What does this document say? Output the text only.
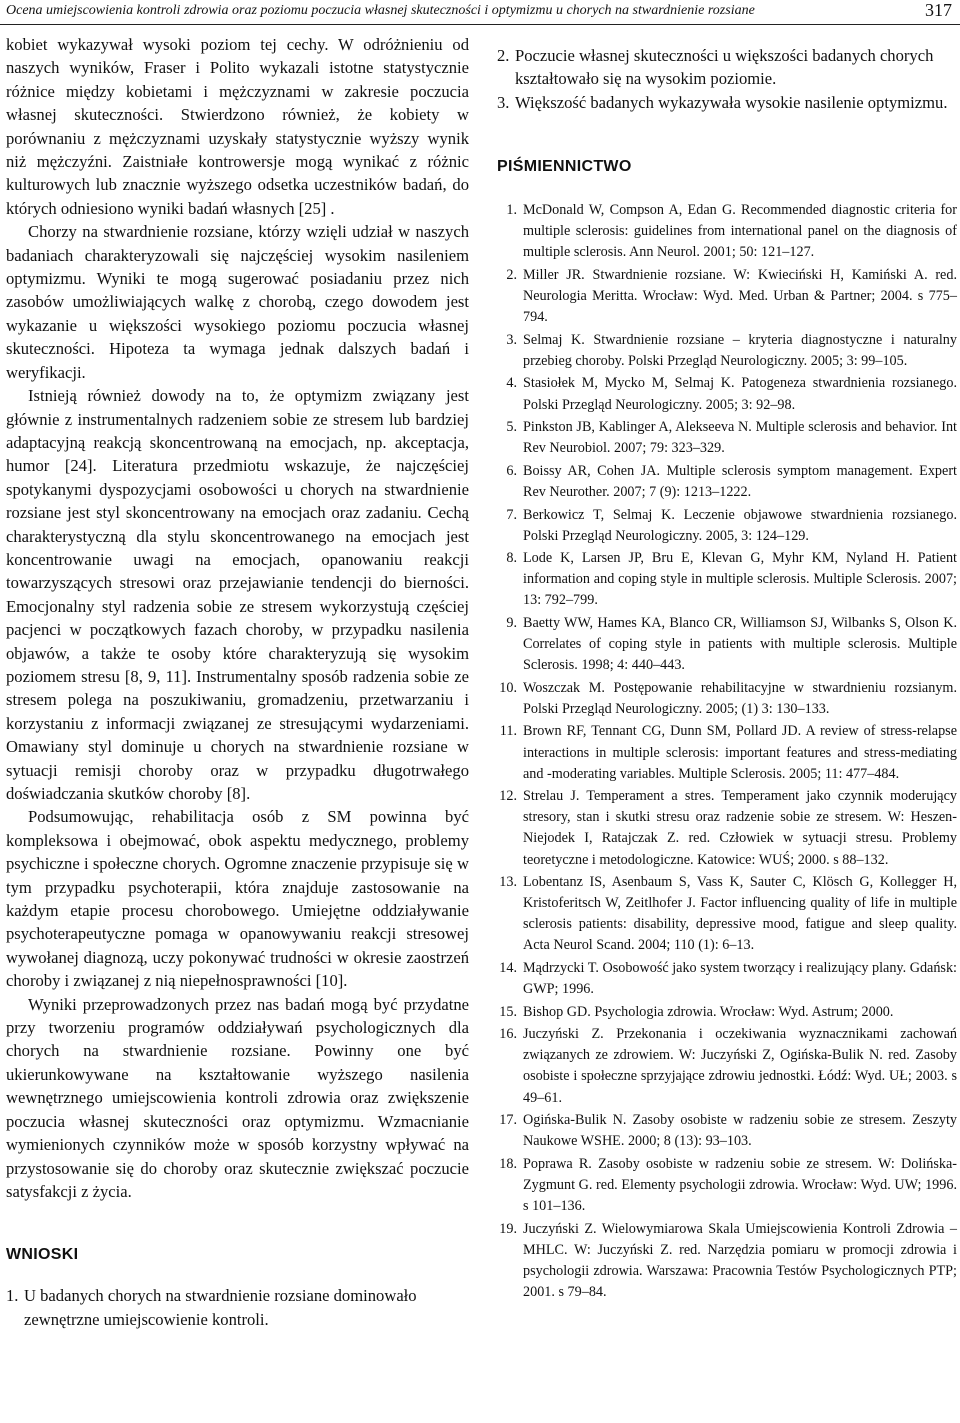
Ocena umiejscowienia kontroli zdrowia oraz poziomu poczucia własnej skuteczności i optymizmu u chorych na stwardnienie rozsiane	317

kobiet wykazywał wysoki poziom tej cechy. W odróżnieniu od naszych wyników, Fraser i Polito wykazali istotne statystycznie różnice między kobietami i mężczyznami w zakresie poczucia własnej skuteczności. Stwierdzono również, że kobiety w porównaniu z mężczyznami uzyskały statystycznie wyższy wynik niż mężczyźni. Zaistniałe kontrowersje mogą wynikać z różnic kulturowych lub znacznie wyższego odsetka uczestników badań, do których odniesiono wyniki badań własnych [25] .

Chorzy na stwardnienie rozsiane, którzy wzięli udział w naszych badaniach charakteryzowali się najczęściej wysokim nasileniem optymizmu. Wyniki te mogą sugerować posiadaniu przez nich zasobów umożliwiających walkę z chorobą, czego dowodem jest wykazanie u większości wysokiego poziomu poczucia własnej skuteczności. Hipoteza ta wymaga jednak dalszych badań i weryfikacji.

Istnieją również dowody na to, że optymizm związany jest głównie z instrumentalnych radzeniem sobie ze stresem lub bardziej adaptacyjną reakcją skoncentrowaną na emocjach, np. akceptacja, humor [24]. Literatura przedmiotu wskazuje, że najczęściej spotykanymi dyspozycjami osobowości u chorych na stwardnienie rozsiane jest styl skoncentrowany na emocjach oraz zadaniu. Cechą charakterystyczną dla stylu skoncentrowanego na emocjach jest koncentrowanie uwagi na emocjach, opanowaniu reakcji towarzyszących stresowi oraz przejawianie tendencji do bierności. Emocjonalny styl radzenia sobie ze stresem wykorzystują częściej pacjenci w początkowych fazach choroby, w przypadku nasilenia objawów, a także te osoby które charakteryzują się wysokim poziomem stresu [8, 9, 11]. Instrumentalny sposób radzenia sobie ze stresem polega na poszukiwaniu, gromadzeniu, przetwarzaniu i korzystaniu z informacji związanej ze stresującymi wydarzeniami. Omawiany styl dominuje u chorych na stwardnienie rozsiane w sytuacji remisji choroby oraz w przypadku długotrwałego doświadczania skutków choroby [8].

Podsumowując, rehabilitacja osób z SM powinna być kompleksowa i obejmować, obok aspektu medycznego, problemy psychiczne i społeczne chorych. Ogromne znaczenie przypisuje się w tym przypadku psychoterapii, która znajduje zastosowanie na każdym etapie procesu chorobowego. Umiejętne oddziaływanie psychoterapeutyczne pomaga w opanowywaniu reakcji stresowej wywołanej diagnozą, uczy pokonywać trudności w okresie zaostrzeń choroby i związanej z nią niepełnosprawności [10].

Wyniki przeprowadzonych przez nas badań mogą być przydatne przy tworzeniu programów oddziaływań psychologicznych dla chorych na stwardnienie rozsiane. Powinny one być ukierunkowywane na kształtowanie wyższego nasilenia wewnętrznego umiejscowienia kontroli zdrowia oraz zwiększenie poczucia własnej skuteczności oraz optymizmu. Wzmacnianie wymienionych czynników może w sposób korzystny wpływać na przystosowanie się do choroby oraz skutecznie zwiększać poczucie satysfakcji z życia.

WNIOSKI
1. U badanych chorych na stwardnienie rozsiane dominowało zewnętrzne umiejscowienie kontroli.
2. Poczucie własnej skuteczności u większości badanych chorych kształtowało się na wysokim poziomie.
3. Większość badanych wykazywała wysokie nasilenie optymizmu.
PIŚMIENNICTWO
1. McDonald W, Compson A, Edan G. Recommended diagnostic criteria for multiple sclerosis: guidelines from international panel on the diagnosis of multiple sclerosis. Ann Neurol. 2001; 50: 121–127.
2. Miller JR. Stwardnienie rozsiane. W: Kwieciński H, Kamiński A. red. Neurologia Meritta. Wrocław: Wyd. Med. Urban & Partner; 2004. s 775–794.
3. Selmaj K. Stwardnienie rozsiane – kryteria diagnostyczne i naturalny przebieg choroby. Polski Przegląd Neurologiczny. 2005; 3: 99–105.
4. Stasiołek M, Mycko M, Selmaj K. Patogeneza stwardnienia rozsianego. Polski Przegląd Neurologiczny. 2005; 3: 92–98.
5. Pinkston JB, Kablinger A, Alekseeva N. Multiple sclerosis and behavior. Int Rev Neurobiol. 2007; 79: 323–329.
6. Boissy AR, Cohen JA. Multiple sclerosis symptom management. Expert Rev Neurother. 2007; 7 (9): 1213–1222.
7. Berkowicz T, Selmaj K. Leczenie objawowe stwardnienia rozsianego. Polski Przegląd Neurologiczny. 2005, 3: 124–129.
8. Lode K, Larsen JP, Bru E, Klevan G, Myhr KM, Nyland H. Patient information and coping style in multiple sclerosis. Multiple Sclerosis. 2007; 13: 792–799.
9. Baetty WW, Hames KA, Blanco CR, Williamson SJ, Wilbanks S, Olson K. Correlates of coping style in patients with multiple sclerosis. Multiple Sclerosis. 1998; 4: 440–443.
10. Woszczak M. Postępowanie rehabilitacyjne w stwardnieniu rozsianym. Polski Przegląd Neurologiczny. 2005; (1) 3: 130–133.
11. Brown RF, Tennant CG, Dunn SM, Pollard JD. A review of stress-relapse interactions in multiple sclerosis: important features and stress-mediating and -moderating variables. Multiple Sclerosis. 2005; 11: 477–484.
12. Strelau J. Temperament a stres. Temperament jako czynnik moderujący stresory, stan i skutki stresu oraz radzenie sobie ze stresem. W: Heszen-Niejodek I, Ratajczak Z. red. Człowiek w sytuacji stresu. Problemy teoretyczne i metodologiczne. Katowice: WUŚ; 2000. s 88–132.
13. Lobentanz IS, Asenbaum S, Vass K, Sauter C, Klösch G, Kollegger H, Kristoferitsch W, Zeitlhofer J. Factor influencing quality of life in multiple sclerosis patients: disability, depressive mood, fatigue and sleep quality. Acta Neurol Scand. 2004; 110 (1): 6–13.
14. Mądrzycki T. Osobowość jako system tworzący i realizujący plany. Gdańsk: GWP; 1996.
15. Bishop GD. Psychologia zdrowia. Wrocław: Wyd. Astrum; 2000.
16. Juczyński Z. Przekonania i oczekiwania wyznacznikami zachowań związanych ze zdrowiem. W: Juczyński Z, Ogińska-Bulik N. red. Zasoby osobiste i społeczne sprzyjające zdrowiu jednostki. Łódź: Wyd. UŁ; 2003. s 49–61.
17. Ogińska-Bulik N. Zasoby osobiste w radzeniu sobie ze stresem. Zeszyty Naukowe WSHE. 2000; 8 (13): 93–103.
18. Poprawa R. Zasoby osobiste w radzeniu sobie ze stresem. W: Dolińska-Zygmunt G. red. Elementy psychologii zdrowia. Wrocław: Wyd. UW; 1996. s 101–136.
19. Juczyński Z. Wielowymiarowa Skala Umiejscowienia Kontroli Zdrowia – MHLC. W: Juczyński Z. red. Narzędzia pomiaru w promocji zdrowia i psychologii zdrowia. Warszawa: Pracownia Testów Psychologicznych PTP; 2001. s 79–84.
